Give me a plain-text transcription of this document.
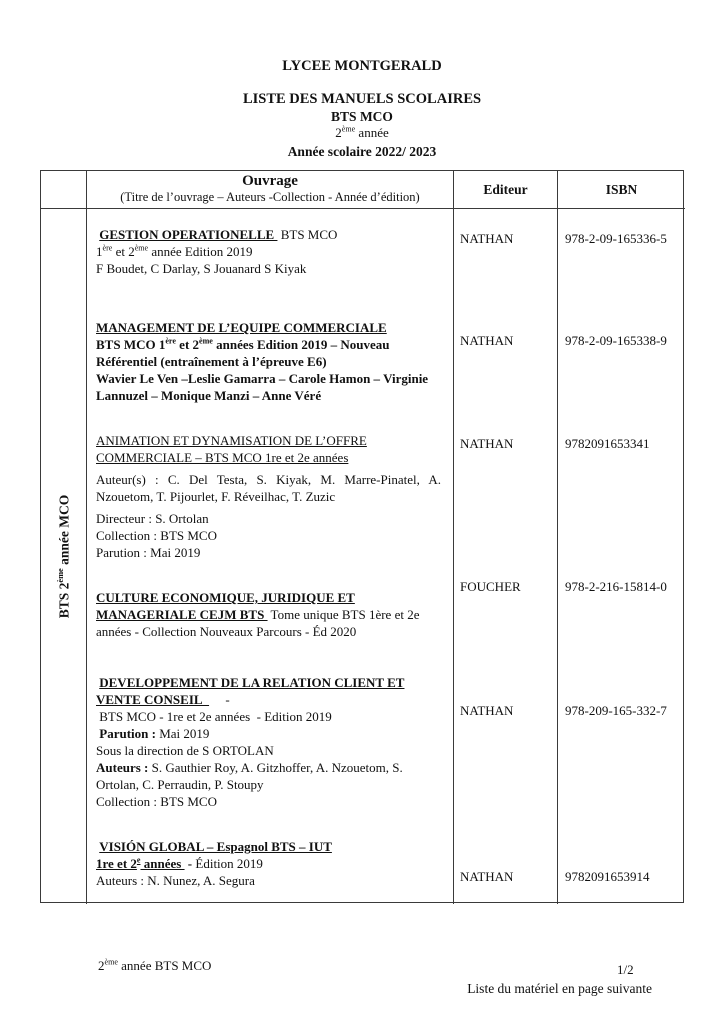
LYCEE MONTGERALD

LISTE DES MANUELS SCOLAIRES

BTS MCO

2ème année

Année scolaire 2022/ 2023

Ouvrage
(Titre de l’ouvrage – Auteurs -Collection - Année d’édition)	Editeur	ISBN
BTS 2ème année MCO
GESTION OPERATIONELLE  BTS MCO
1ère et 2ème année Edition 2019
F Boudet, C Darlay, S Jouanard S Kiyak
NATHAN	978-2-09-165336-5
MANAGEMENT DE L’EQUIPE COMMERCIALE
BTS MCO 1ère et 2ème années Edition 2019 – Nouveau Référentiel (entraînement à l’épreuve E6)
Wavier Le Ven –Leslie Gamarra – Carole Hamon – Virginie Lannuzel – Monique Manzi – Anne Véré
NATHAN	978-2-09-165338-9
ANIMATION ET DYNAMISATION DE L’OFFRE COMMERCIALE – BTS MCO 1re et 2e années
Auteur(s) : C. Del Testa, S. Kiyak, M. Marre-Pinatel, A. Nzouetom, T. Pijourlet, F. Réveilhac, T. Zuzic
Directeur : S. Ortolan
Collection : BTS MCO
Parution : Mai 2019
NATHAN	9782091653341
CULTURE ECONOMIQUE, JURIDIQUE ET MANAGERIALE CEJM BTS  Tome unique BTS 1ère et 2e années - Collection Nouveaux Parcours - Éd 2020
FOUCHER	978-2-216-15814-0
DEVELOPPEMENT DE LA RELATION CLIENT ET VENTE CONSEIL       -
BTS MCO - 1re et 2e années  - Edition 2019
Parution : Mai 2019
Sous la direction de S ORTOLAN
Auteurs : S. Gauthier Roy, A. Gitzhoffer, A. Nzouetom, S. Ortolan, C. Perraudin, P. Stoupy
Collection : BTS MCO
NATHAN	978-209-165-332-7
VISIÓN GLOBAL – Espagnol BTS – IUT
1re et 2e années  - Édition 2019
Auteurs : N. Nunez, A. Segura	NATHAN	9782091653914
2ème année BTS MCO	1/2
Liste du matériel en page suivante
